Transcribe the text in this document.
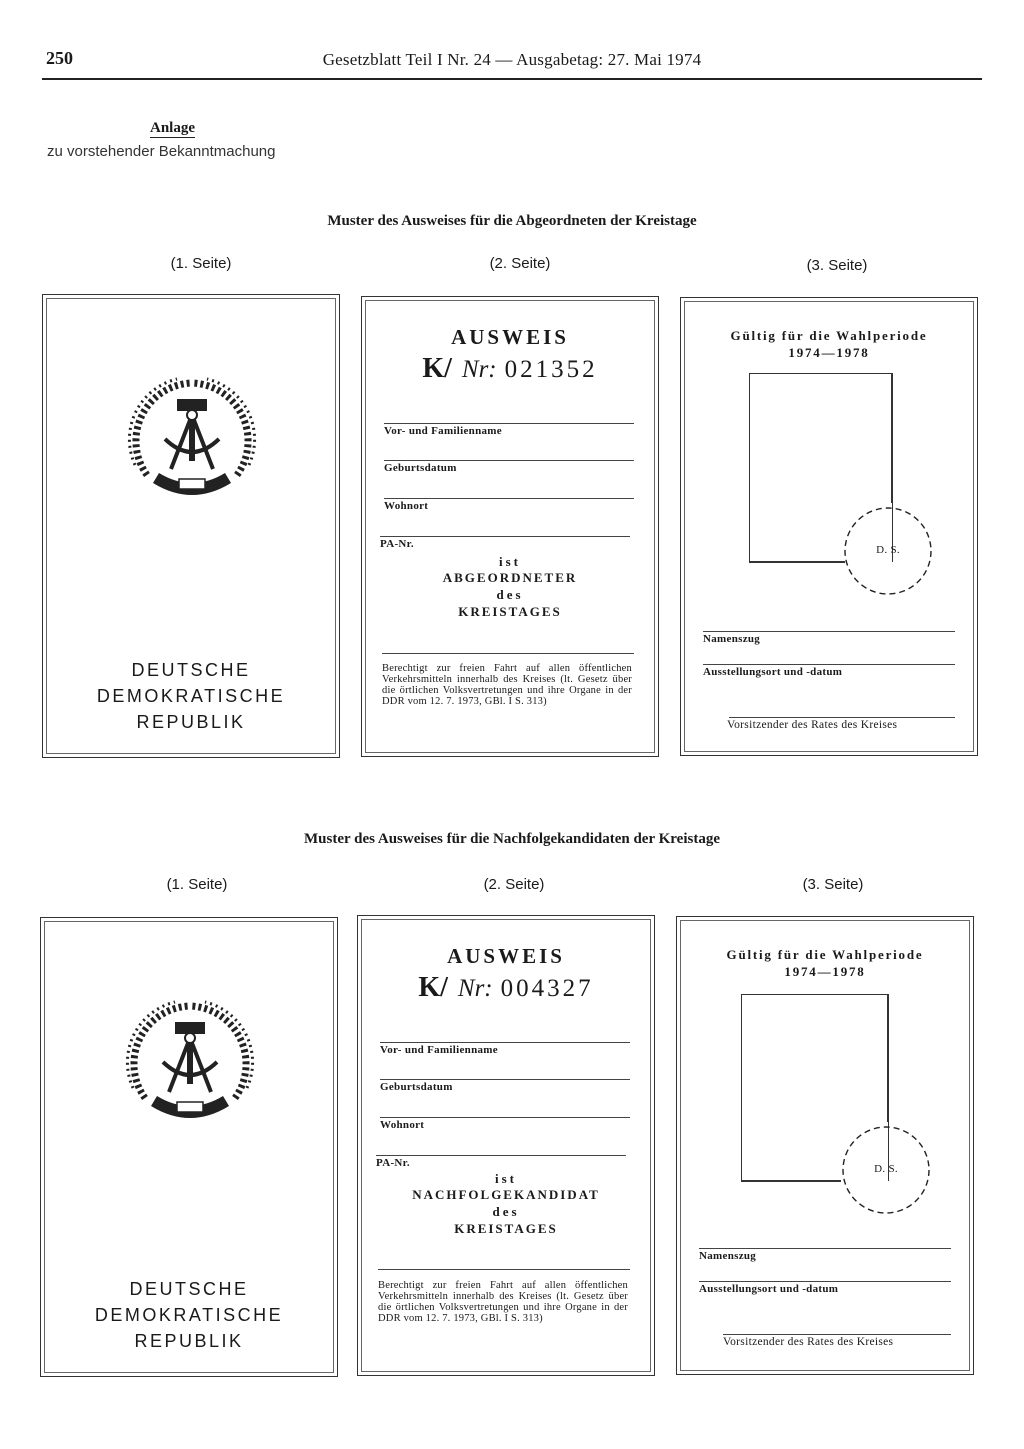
250	Gesetzblatt Teil I Nr. 24 — Ausgabetag: 27. Mai 1974
Anlage
zu vorstehender Bekanntmachung
Muster des Ausweises für die Abgeordneten der Kreistage
(1. Seite)	(2. Seite)	(3. Seite)
DEUTSCHE
DEMOKRATISCHE REPUBLIK
AUSWEIS
K/ Nr: 021352
Vor- und Familienname
Geburtsdatum
Wohnort
PA-Nr.
ist
ABGEORDNETER
des
KREISTAGES
Berechtigt zur freien Fahrt auf allen öffentlichen Verkehrsmitteln innerhalb des Kreises (lt. Gesetz über die örtlichen Volksvertretungen und ihre Organe in der DDR vom 12. 7. 1973, GBl. I S. 313)
Gültig für die Wahlperiode
1974—1978
D. S.
Namenszug
Ausstellungsort und -datum
Vorsitzender des Rates des Kreises
Muster des Ausweises für die Nachfolgekandidaten der Kreistage
(1. Seite)	(2. Seite)	(3. Seite)
DEUTSCHE
DEMOKRATISCHE REPUBLIK
AUSWEIS
K/ Nr: 004327
Vor- und Familienname
Geburtsdatum
Wohnort
PA-Nr.
ist
NACHFOLGEKANDIDAT
des
KREISTAGES
Berechtigt zur freien Fahrt auf allen öffentlichen Verkehrsmitteln innerhalb des Kreises (lt. Gesetz über die örtlichen Volksvertretungen und ihre Organe in der DDR vom 12. 7. 1973, GBl. I S. 313)
Gültig für die Wahlperiode
1974—1978
D. S.
Namenszug
Ausstellungsort und -datum
Vorsitzender des Rates des Kreises
